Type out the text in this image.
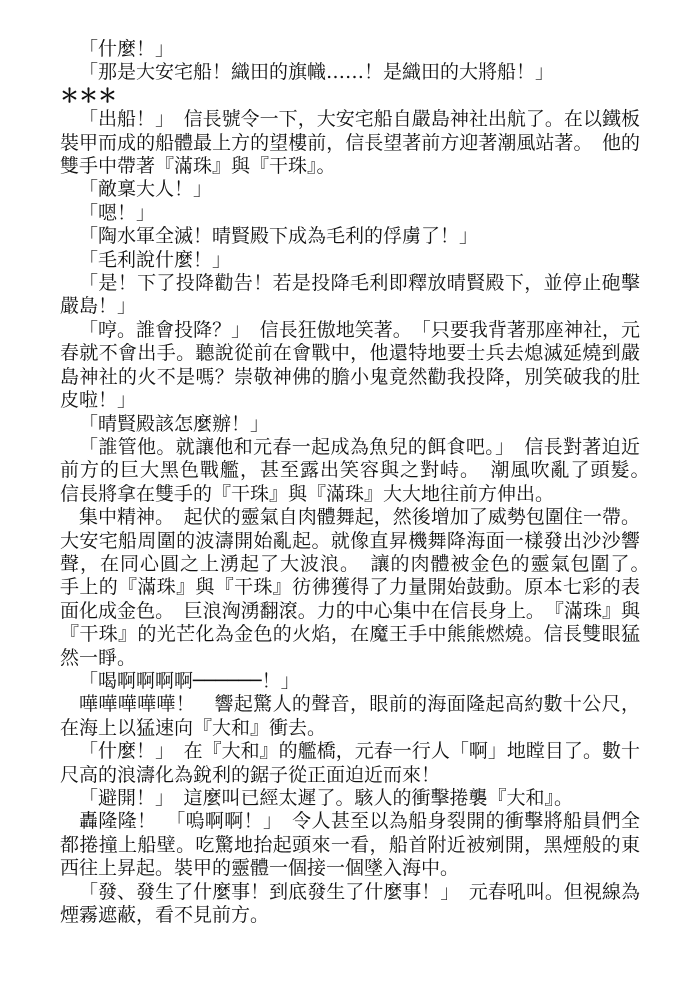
「什麼！」

「那是大安宅船！織田的旗幟……！是織田的大將船！」

＊＊＊

「出船！」　信長號令一下，大安宅船自嚴島神社出航了。在以鐵板裝甲而成的船體最上方的望樓前，信長望著前方迎著潮風站著。　他的雙手中帶著『滿珠』與『干珠』。

「敵稟大人！」

「嗯！」

「陶水軍全滅！晴賢殿下成為毛利的俘虜了！」

「毛利說什麼！」

「是！下了投降勸告！若是投降毛利即釋放晴賢殿下，並停止砲擊嚴島！」

「哼。誰會投降？」　信長狂傲地笑著。　「只要我背著那座神社，元春就不會出手。聽說從前在會戰中，他還特地要士兵去熄滅延燒到嚴島神社的火不是嗎？崇敬神佛的膽小鬼竟然勸我投降，別笑破我的肚皮啦！」

「晴賢殿該怎麼辦！」

「誰管他。就讓他和元春一起成為魚兒的餌食吧。」　信長對著迫近前方的巨大黑色戰艦，甚至露出笑容與之對峙。　潮風吹亂了頭髮。　信長將拿在雙手的『干珠』與『滿珠』大大地往前方伸出。

集中精神。　起伏的靈氣自肉體舞起，然後增加了威勢包圍住一帶。大安宅船周圍的波濤開始亂起。就像直昇機舞降海面一樣發出沙沙響聲，在同心圓之上湧起了大波浪。　讓的肉體被金色的靈氣包圍了。　手上的『滿珠』與『干珠』彷彿獲得了力量開始鼓動。原本七彩的表面化成金色。　巨浪洶湧翻滾。力的中心集中在信長身上。　『滿珠』與『干珠』的光芒化為金色的火焰，在魔王手中熊熊燃燒。信長雙眼猛然一睜。

「喝啊啊啊啊──────！」

嘩嘩嘩嘩嘩！　響起驚人的聲音，眼前的海面隆起高約數十公尺，在海上以猛速向『大和』衝去。

「什麼！」　在『大和』的艦橋，元春一行人「啊」地瞠目了。數十尺高的浪濤化為銳利的鋸子從正面迫近而來！

「避開！」　這麼叫已經太遲了。駭人的衝擊捲襲『大和』。

轟隆隆！　「嗚啊啊！」　令人甚至以為船身裂開的衝擊將船員們全都捲撞上船壁。吃驚地抬起頭來一看，船首附近被剜開，黑煙般的東西往上昇起。裝甲的靈體一個接一個墜入海中。

「發、發生了什麼事！到底發生了什麼事！」　元春吼叫。但視線為煙霧遮蔽，看不見前方。
